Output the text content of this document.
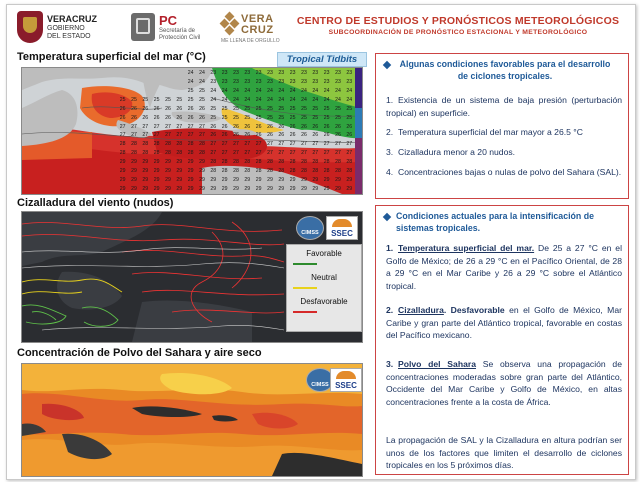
VERACRUZ
GOBIERNO
DEL ESTADO
PC
Secretaría de
Protección Civil
VERA
CRUZ
ME LLENA DE ORGULLO
CENTRO DE ESTUDIOS Y PRONÓSTICOS METEOROLÓGICOS
SUBCOORDINACIÓN DE PRONÓSTICO ESTACIONAL Y METEOROLÓGICO
Temperatura superficial del mar (°C)	Tropical Tidbits
24	24	23	23	23	23	23	23	23	23	23	23	23	23	23
24	24	23	23	23	23	23	23	23	23	23	23	23	23	23
25	25	24	24	24	24	24	24	24	24	24	24	24	24	24
25	25	25	25	25	25	25	25	24	24	24	24	24	24	24	24	24	24	24	24	24
26	26	26	26	26	26	26	26	25	25	25	25	25	25	25	25	25	25	25	25	25
26	26	26	26	26	26	26	26	25	25	25	25	25	25	25	25	25	25	25	25	25
27	27	27	27	27	27	27	27	26	26	26	26	26	26	26	26	26	26	26	26	26
27	27	27	27	27	27	27	27	26	26	26	26	26	26	26	26	26	26	26	26	26
28	28	28	28	28	28	28	28	27	27	27	27	27	27	27	27	27	27	27	27	27
28	28	28	28	28	28	28	28	27	27	27	27	27	27	27	27	27	27	27	27	27
29	29	29	29	29	29	29	29	28	28	28	28	28	28	28	28	28	28	28	28	28
29	29	29	29	29	29	29	29	28	28	28	28	28	28	28	28	28	28	28	28	28
29	29	29	29	29	29	29	29	29	29	29	29	29	29	29	29	29	29	29	29	29
29	29	29	29	29	29	29	29	29	29	29	29	29	29	29	29	29	29	29	29	29
Cizalladura del viento (nudos)
CIMSS	SSEC
Favorable
Neutral
Desfavorable
Concentración de Polvo del Sahara y aire seco
CIMSS SSEC
Algunas condiciones favorables para el desarrollo de ciclones tropicales.
1. Existencia de un sistema de baja presión (perturbación tropical) en superficie.
2. Temperatura superficial del mar mayor a 26.5 °C
3. Cizalladura menor a 20 nudos.
4. Concentraciones bajas o nulas de polvo del Sahara (SAL).
Condiciones actuales para la intensificación de sistemas tropicales.
1. Temperatura superficial del mar. De 25 a 27 °C en el Golfo de México; de 26 a 29 °C en el Pacífico Oriental, de 28 a 29 °C en el Mar Caribe y 26 a 29 °C sobre el Atlántico tropical.
2. Cizalladura. Desfavorable en el Golfo de México, Mar Caribe y gran parte del Atlántico tropical, favorable en costas del Pacífico mexicano.
3. Polvo del Sahara Se observa una propagación de concentraciones moderadas sobre gran parte del Atlántico, Occidente del Mar Caribe y Golfo de México, en altas concentraciones frente a la costa de África.
La propagación de SAL y la Cizalladura en altura podrían ser unos de los factores que limiten el desarrollo de ciclones tropicales en los 5 próximos días.
